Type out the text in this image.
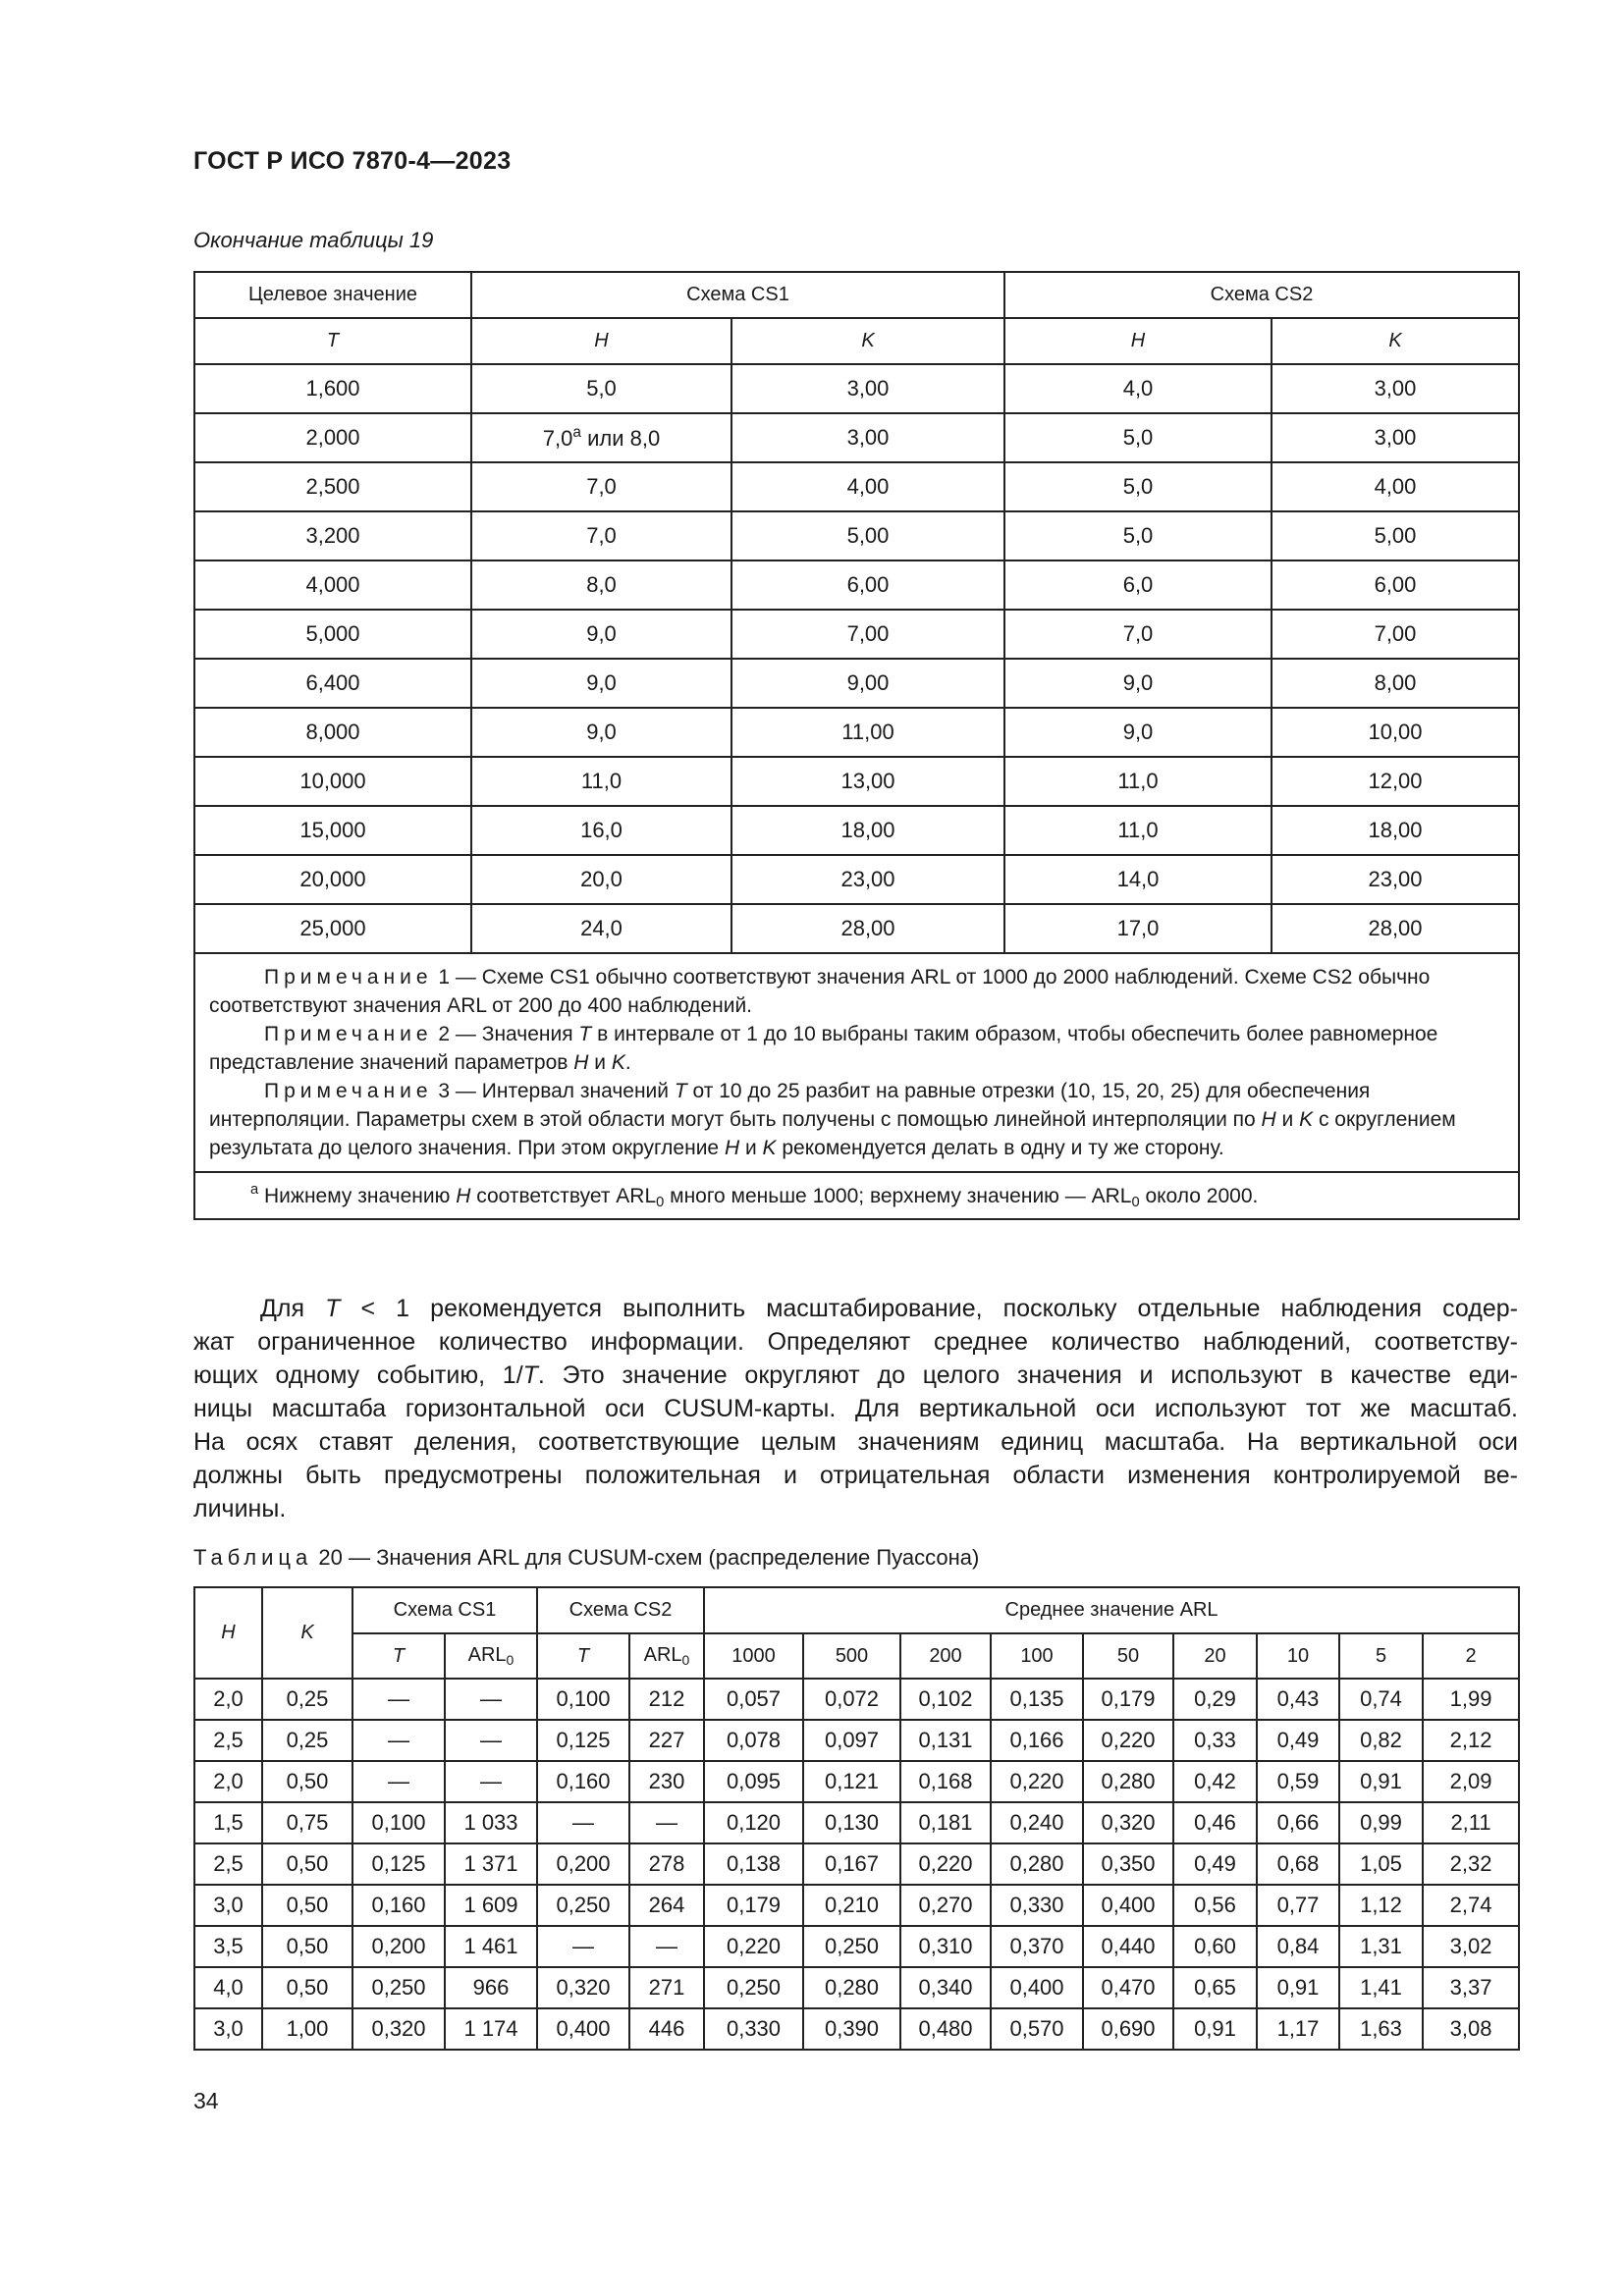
ГОСТ Р ИСО 7870-4—2023
Окончание таблицы 19
Целевое значение	Схема CS1		Схема CS2	
T	H	K	H	K
1,600	5,0	3,00	4,0	3,00
2,000	7,0$^a$ или 8,0	3,00	5,0	3,00
2,500	7,0	4,00	5,0	4,00
3,200	7,0	5,00	5,0	5,00
4,000	8,0	6,00	6,0	6,00
5,000	9,0	7,00	7,0	7,00
6,400	9,0	9,00	9,0	8,00
8,000	9,0	11,00	9,0	10,00
10,000	11,0	13,00	11,0	12,00
15,000	16,0	18,00	11,0	18,00
20,000	20,0	23,00	14,0	23,00
25,000	24,0	28,00	17,0	28,00

Примечание 1 — Схеме CS1 обычно соответствуют значения ARL от 1000 до 2000 наблюдений. Схеме CS2 обычно соответствуют значения ARL от 200 до 400 наблюдений.
Примечание 2 — Значения T в интервале от 1 до 10 выбраны таким образом, чтобы обеспечить более равномерное представление значений параметров H и K.
Примечание 3 — Интервал значений T от 10 до 25 разбит на равные отрезки (10, 15, 20, 25) для обеспечения интерполяции. Параметры схем в этой области могут быть получены с помощью линейной интерполяции по H и K с округлением результата до целого значения. При этом округление H и K рекомендуется делать в одну и ту же сторону.				

$^a$ Нижнему значению H соответствует $ARL_0$ много меньше 1000; верхнему значению — $ARL_0$ около 2000.				
Для T < 1 рекомендуется выполнить масштабирование, поскольку отдельные наблюдения содер-
жат ограниченное количество информации. Определяют среднее количество наблюдений, соответству-
ющих одному событию, 1/T. Это значение округляют до целого значения и используют в качестве еди-
ницы масштаба горизонтальной оси CUSUM-карты. Для вертикальной оси используют тот же масштаб.
На осях ставят деления, соответствующие целым значениям единиц масштаба. На вертикальной оси
должны быть предусмотрены положительная и отрицательная области изменения контролируемой ве-
личины.
Таблица 20 — Значения ARL для CUSUM-схем (распределение Пуассона)
H	K	Схема CS1		Схема CS2		Среднее значение ARL								
		T	$ARL_0$	T	$ARL_0$	1000	500	200	100	50	20	10	5	2
2,0	0,25	—	—	0,100	212	0,057	0,072	0,102	0,135	0,179	0,29	0,43	0,74	1,99
2,5	0,25	—	—	0,125	227	0,078	0,097	0,131	0,166	0,220	0,33	0,49	0,82	2,12
2,0	0,50	—	—	0,160	230	0,095	0,121	0,168	0,220	0,280	0,42	0,59	0,91	2,09
1,5	0,75	0,100	1 033	—	—	0,120	0,130	0,181	0,240	0,320	0,46	0,66	0,99	2,11
2,5	0,50	0,125	1 371	0,200	278	0,138	0,167	0,220	0,280	0,350	0,49	0,68	1,05	2,32
3,0	0,50	0,160	1 609	0,250	264	0,179	0,210	0,270	0,330	0,400	0,56	0,77	1,12	2,74
3,5	0,50	0,200	1 461	—	—	0,220	0,250	0,310	0,370	0,440	0,60	0,84	1,31	3,02
4,0	0,50	0,250	966	0,320	271	0,250	0,280	0,340	0,400	0,470	0,65	0,91	1,41	3,37
3,0	1,00	0,320	1 174	0,400	446	0,330	0,390	0,480	0,570	0,690	0,91	1,17	1,63	3,08
34
